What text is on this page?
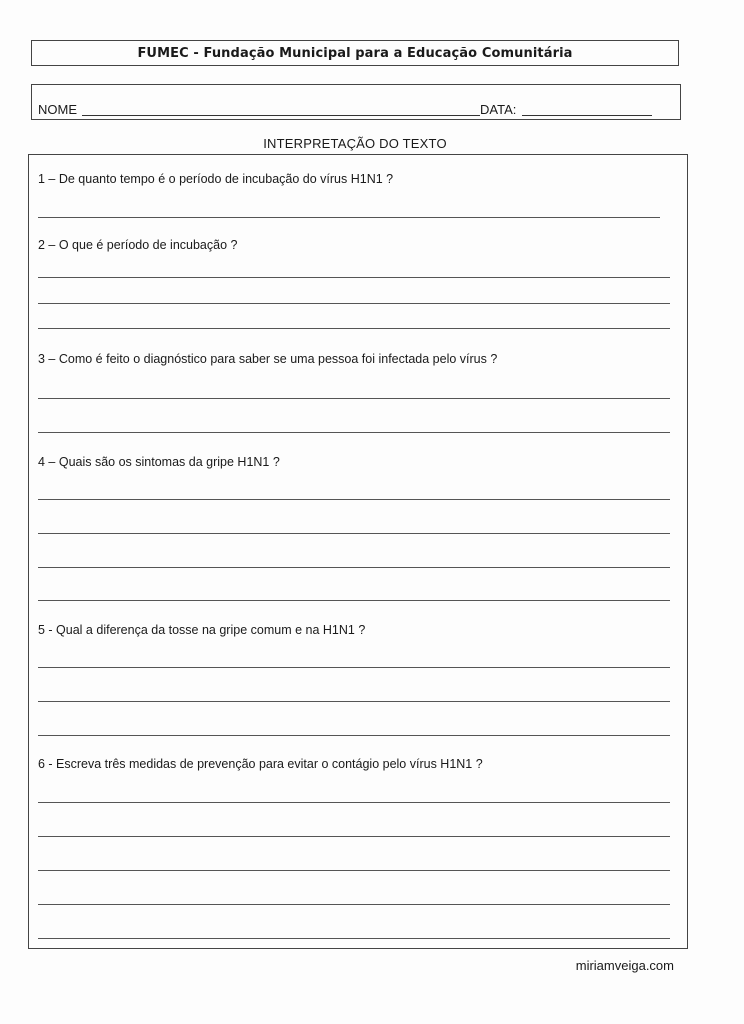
FUMEC - Fundação Municipal para a Educação Comunitária
NOME	DATA:
INTERPRETAÇÃO DO TEXTO
1 – De quanto tempo é o período de incubação do vírus H1N1 ?
2 – O que é período de incubação ?
3 – Como é feito o diagnóstico para saber se uma pessoa foi infectada pelo vírus ?
4 – Quais são os sintomas da gripe H1N1 ?
5 - Qual a diferença da tosse na gripe comum e na H1N1 ?
6 - Escreva três medidas de prevenção para evitar o contágio pelo vírus H1N1 ?
miriamveiga.com
